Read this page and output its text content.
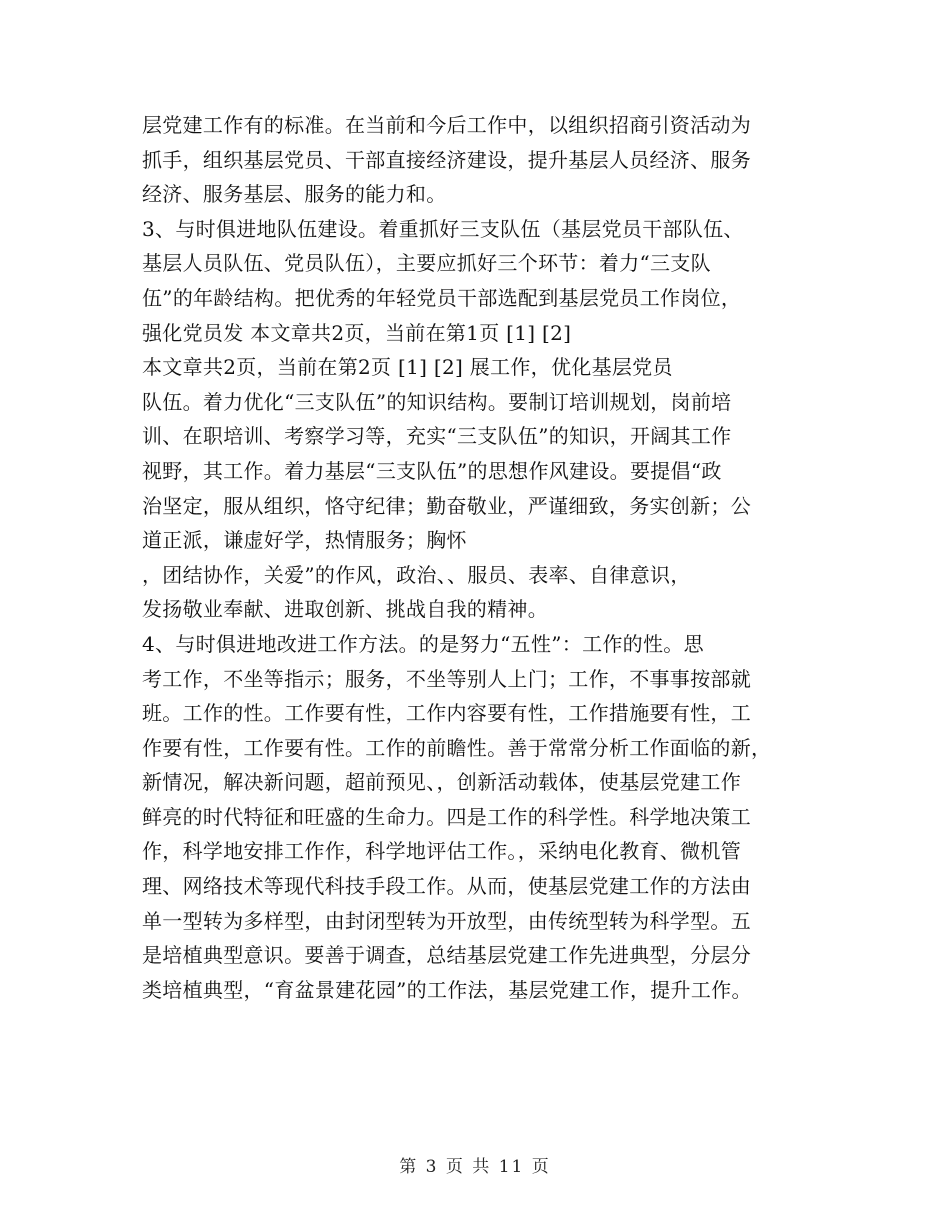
层党建工作有的标准。在当前和今后工作中，以组织招商引资活动为
抓手，组织基层党员、干部直接经济建设，提升基层人员经济、服务
经济、服务基层、服务的能力和。
3、与时俱进地队伍建设。着重抓好三支队伍（基层党员干部队伍、
基层人员队伍、党员队伍），主要应抓好三个环节：着力“三支队
伍”的年龄结构。把优秀的年轻党员干部选配到基层党员工作岗位，
强化党员发 本文章共2页，当前在第1页 [1] [2]
本文章共2页，当前在第2页 [1] [2] 展工作，优化基层党员
队伍。着力优化“三支队伍”的知识结构。要制订培训规划，岗前培
训、在职培训、考察学习等，充实“三支队伍”的知识，开阔其工作
视野，其工作。着力基层“三支队伍”的思想作风建设。要提倡“政
治坚定，服从组织，恪守纪律；勤奋敬业，严谨细致，务实创新；公
道正派，谦虚好学，热情服务；胸怀
，团结协作，关爱”的作风，政治、、服员、表率、自律意识，
发扬敬业奉献、进取创新、挑战自我的精神。
4、与时俱进地改进工作方法。的是努力“五性”：工作的性。思
考工作，不坐等指示；服务，不坐等别人上门；工作，不事事按部就
班。工作的性。工作要有性，工作内容要有性，工作措施要有性，工
作要有性，工作要有性。工作的前瞻性。善于常常分析工作面临的新，
新情况，解决新问题，超前预见、，创新活动载体，使基层党建工作
鲜亮的时代特征和旺盛的生命力。四是工作的科学性。科学地决策工
作，科学地安排工作作，科学地评估工作。，采纳电化教育、微机管
理、网络技术等现代科技手段工作。从而，使基层党建工作的方法由
单一型转为多样型，由封闭型转为开放型，由传统型转为科学型。五
是培植典型意识。要善于调查，总结基层党建工作先进典型，分层分
类培植典型，“育盆景建花园”的工作法，基层党建工作，提升工作。
第 3 页 共 11 页
